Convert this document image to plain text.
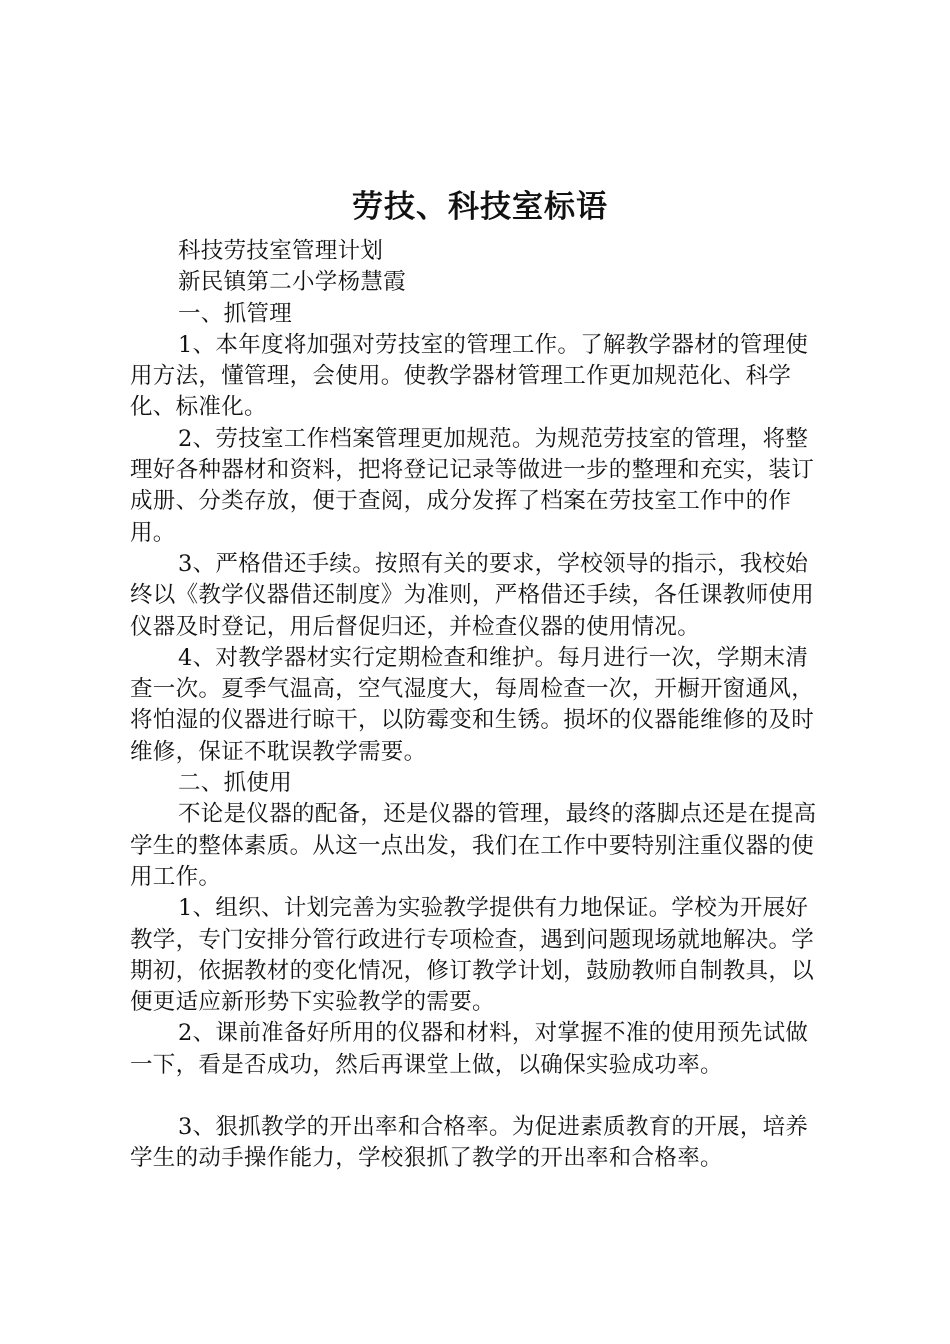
劳技、科技室标语

科技劳技室管理计划

新民镇第二小学杨慧霞

一、抓管理

1、本年度将加强对劳技室的管理工作。了解教学器材的管理使用方法，懂管理，会使用。使教学器材管理工作更加规范化、科学化、标准化。

2、劳技室工作档案管理更加规范。为规范劳技室的管理，将整理好各种器材和资料，把将登记记录等做进一步的整理和充实，装订成册、分类存放，便于查阅，成分发挥了档案在劳技室工作中的作用。

3、严格借还手续。按照有关的要求，学校领导的指示，我校始终以《教学仪器借还制度》为准则，严格借还手续，各任课教师使用仪器及时登记，用后督促归还，并检查仪器的使用情况。

4、对教学器材实行定期检查和维护。每月进行一次，学期末清查一次。夏季气温高，空气湿度大，每周检查一次，开橱开窗通风，将怕湿的仪器进行晾干，以防霉变和生锈。损坏的仪器能维修的及时维修，保证不耽误教学需要。

二、抓使用

不论是仪器的配备，还是仪器的管理，最终的落脚点还是在提高学生的整体素质。从这一点出发，我们在工作中要特别注重仪器的使用工作。

1、组织、计划完善为实验教学提供有力地保证。学校为开展好教学，专门安排分管行政进行专项检查，遇到问题现场就地解决。学期初，依据教材的变化情况，修订教学计划，鼓励教师自制教具，以便更适应新形势下实验教学的需要。

2、课前准备好所用的仪器和材料，对掌握不准的使用预先试做一下，看是否成功，然后再课堂上做，以确保实验成功率。

3、狠抓教学的开出率和合格率。为促进素质教育的开展，培养学生的动手操作能力，学校狠抓了教学的开出率和合格率。
